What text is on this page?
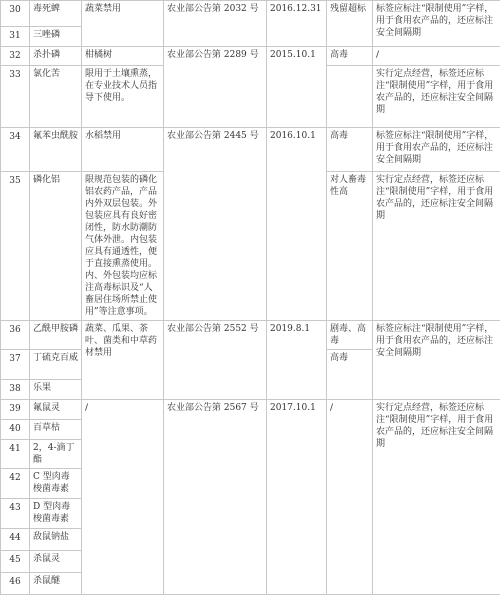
30	毒死蜱	蔬菜禁用	农业部公告第 2032 号	2016.12.31	残留超标	标签应标注“限制使用”字样，用于食用农产品的，还应标注安全间隔期
31	三唑磷					
32	杀扑磷	柑橘树	农业部公告第 2289 号	2015.10.1	高毒	/
33	氯化苦	限用于土壤熏蒸，在专业技术人员指导下使用。				实行定点经营，标签还应标注“限制使用”字样，用于食用农产品的，还应标注安全间隔期
34	氟苯虫酰胺	水稻禁用	农业部公告第 2445 号	2016.10.1	高毒	标签应标注“限制使用”字样，用于食用农产品的，还应标注安全间隔期
35	磷化铝	限规范包装的磷化铝农药产品，产品内外双层包装。外包装应具有良好密闭性，防水防潮防气体外泄。内包装应具有通透性，便于直接熏蒸使用。内、外包装均应标注高毒标识及“人畜居住场所禁止使用”等注意事项。			对人畜毒性高	实行定点经营，标签还应标注“限制使用”字样，用于食用农产品的，还应标注安全间隔期
36	乙酰甲胺磷	蔬菜、瓜果、茶叶、菌类和中草药材禁用	农业部公告第 2552 号	2019.8.1	剧毒、高毒	标签应标注“限制使用”字样，用于食用农产品的，还应标注安全间隔期
37	丁硫克百威				高毒	
38	乐果					
39	氟鼠灵	/	农业部公告第 2567 号	2017.10.1	/	实行定点经营，标签还应标注“限制使用”字样，用于食用农产品的，还应标注安全间隔期
40	百草枯					
41	2，4-滴丁酯					
42	C 型肉毒梭菌毒素					
43	D 型肉毒梭菌毒素					
44	敌鼠钠盐					
45	杀鼠灵					
46	杀鼠醚					
